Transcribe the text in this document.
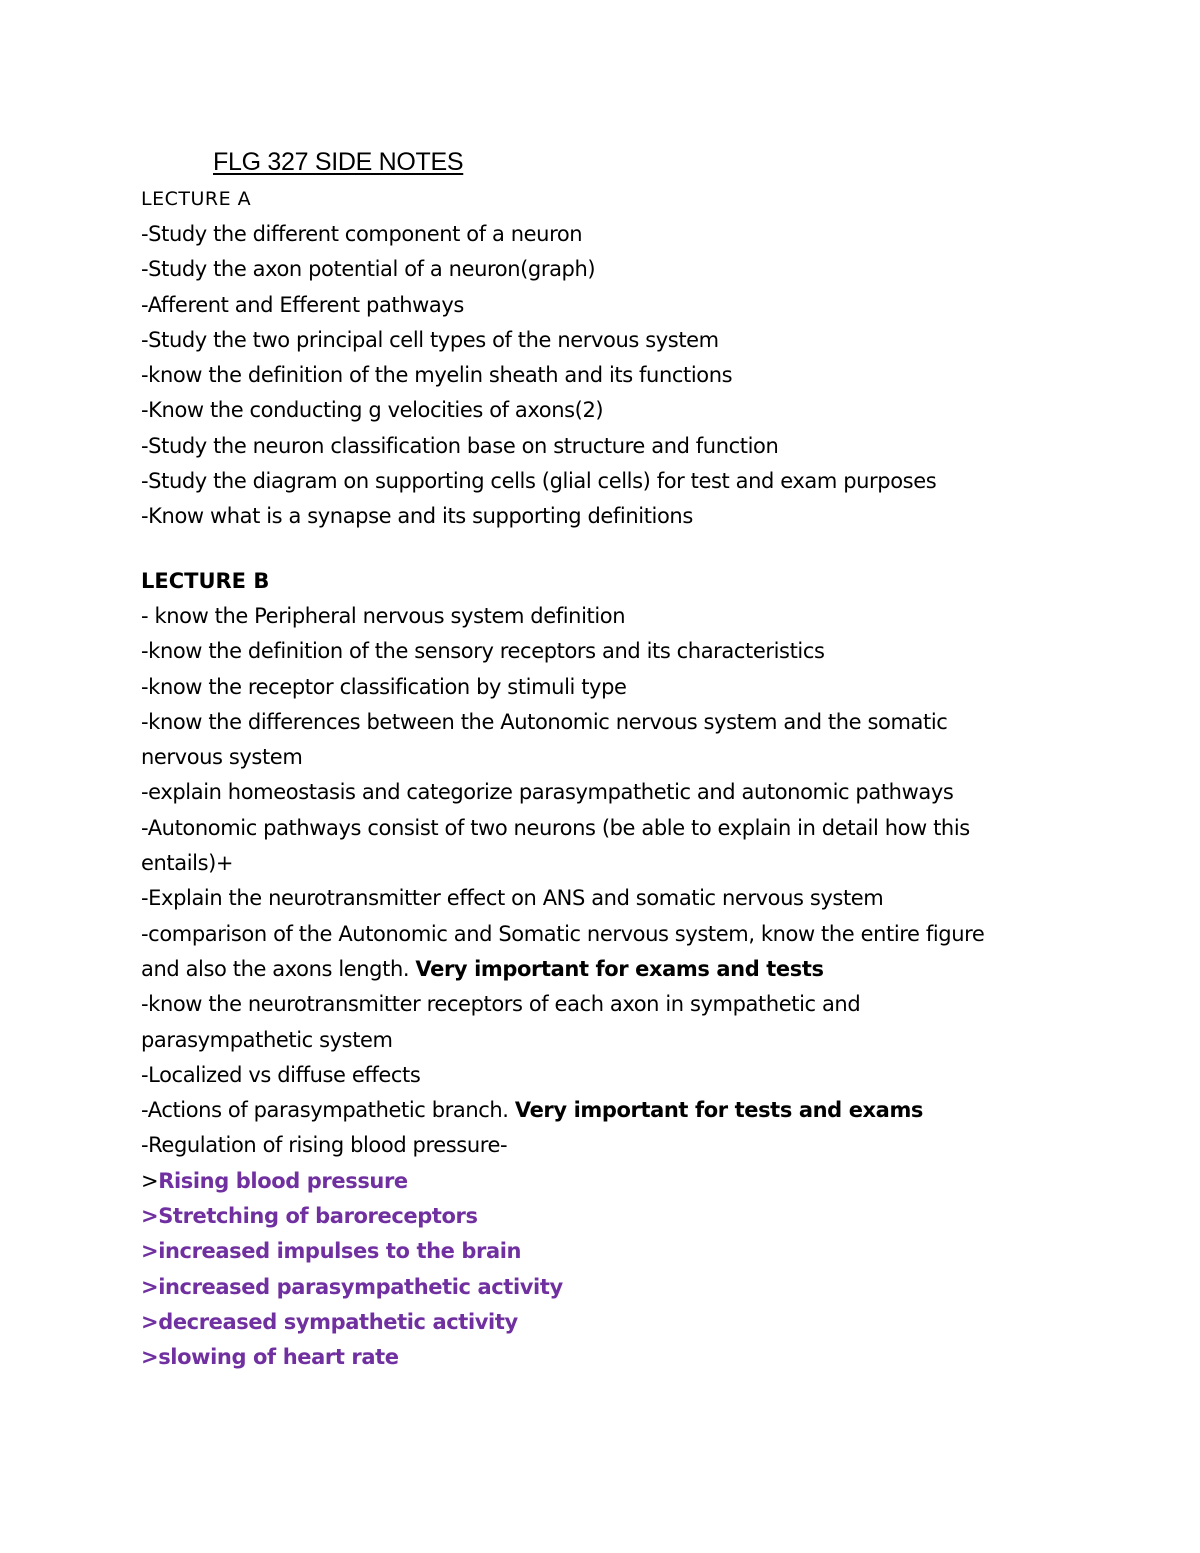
FLG 327 SIDE NOTES
LECTURE A
-Study the different component of a neuron
-Study the axon potential of a neuron(graph)
-Afferent and Efferent pathways
-Study the two principal cell types of the nervous system
-know the definition of the myelin sheath and its functions
-Know the conducting g velocities of axons(2)
-Study the neuron classification base on structure and function
-Study the diagram on supporting cells (glial cells) for test and exam purposes
-Know what is a synapse and its supporting definitions
LECTURE B
- know the Peripheral nervous system definition
-know the definition of the sensory receptors and its characteristics
-know the receptor classification by stimuli type
-know the differences between the Autonomic nervous system and the somatic
nervous system
-explain homeostasis and categorize parasympathetic and autonomic pathways
-Autonomic pathways consist of two neurons (be able to explain in detail how this
entails)+
-Explain the neurotransmitter effect on ANS and somatic nervous system
-comparison of the Autonomic and Somatic nervous system, know the entire figure
and also the axons length. Very important for exams and tests
-know the neurotransmitter receptors of each axon in sympathetic and
parasympathetic system
-Localized vs diffuse effects
-Actions of parasympathetic branch. Very important for tests and exams
-Regulation of rising blood pressure-
>Rising blood pressure
>Stretching of baroreceptors
>increased impulses to the brain
>increased parasympathetic activity
>decreased sympathetic activity
>slowing of heart rate
